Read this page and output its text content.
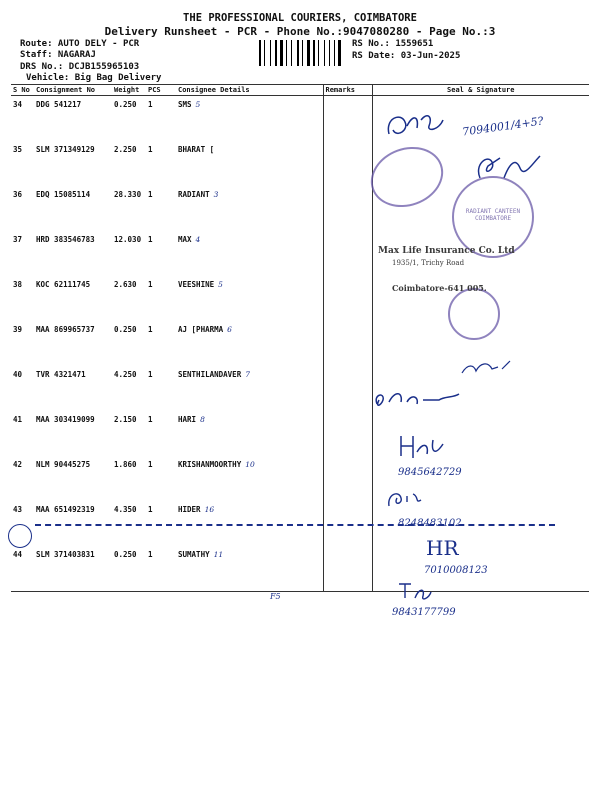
THE PROFESSIONAL COURIERS, COIMBATORE
Delivery Runsheet - PCR - Phone No.:9047080280 - Page No.:3
Route: AUTO DELY - PCR
Staff: NAGARAJ
DRS No.: DCJB155965103
Vehicle: Big Bag Delivery
RS No.: 1559651
RS Date: 03-Jun-2025
S No	Consignment No	Weight	PCS	Consignee Details	Remarks	Seal & Signature
34	DDG 541217	0.250	1	SMS 5		
35	SLM 371349129	2.250	1	BHARAT [		
36	EDQ 15085114	28.330	1	RADIANT 3		
37	HRD 383546783	12.030	1	MAX 4		
38	KOC 62111745	2.630	1	VEESHINE 5		
39	MAA 869965737	0.250	1	AJ [PHARMA 6		
40	TVR 4321471	4.250	1	SENTHILANDAVER 7		
41	MAA 303419099	2.150	1	HARI 8		
42	NLM 90445275	1.860	1	KRISHANMOORTHY 10		
43	MAA 651492319	4.350	1	HIDER 16		
44	SLM 371403831	0.250	1	SUMATHY 11		
7094001/4+5?
9845642729
8248483102
HR
7010008123
9843177799
F5
RADIANT CANTEEN COIMBATORE
Max Life Insurance Co. Ltd
1935/1, Trichy Road
Coimbatore-641 005.
